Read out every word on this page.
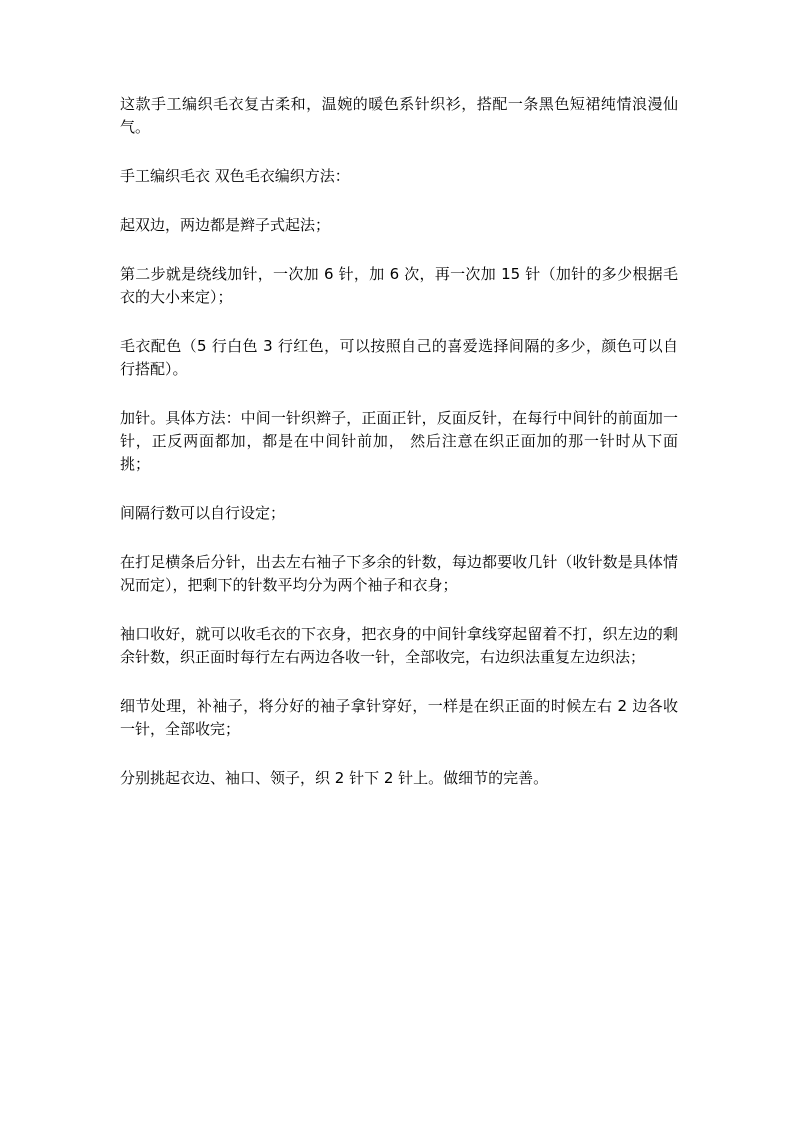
这款手工编织毛衣复古柔和，温婉的暖色系针织衫，搭配一条黑色短裙纯情浪漫仙气。

手工编织毛衣 双色毛衣编织方法：

起双边，两边都是辫子式起法；

第二步就是绕线加针，一次加 6 针，加 6 次，再一次加 15 针（加针的多少根据毛衣的大小来定）；

毛衣配色（5 行白色 3 行红色，可以按照自己的喜爱选择间隔的多少，颜色可以自行搭配）。

加针。具体方法：中间一针织辫子，正面正针，反面反针，在每行中间针的前面加一针，正反两面都加，都是在中间针前加， 然后注意在织正面加的那一针时从下面挑；

间隔行数可以自行设定；

在打足横条后分针，出去左右袖子下多余的针数，每边都要收几针（收针数是具体情况而定），把剩下的针数平均分为两个袖子和衣身；

袖口收好，就可以收毛衣的下衣身，把衣身的中间针拿线穿起留着不打，织左边的剩余针数，织正面时每行左右两边各收一针，全部收完，右边织法重复左边织法；

细节处理，补袖子，将分好的袖子拿针穿好，一样是在织正面的时候左右 2 边各收一针，全部收完；

分别挑起衣边、袖口、领子，织 2 针下 2 针上。做细节的完善。
